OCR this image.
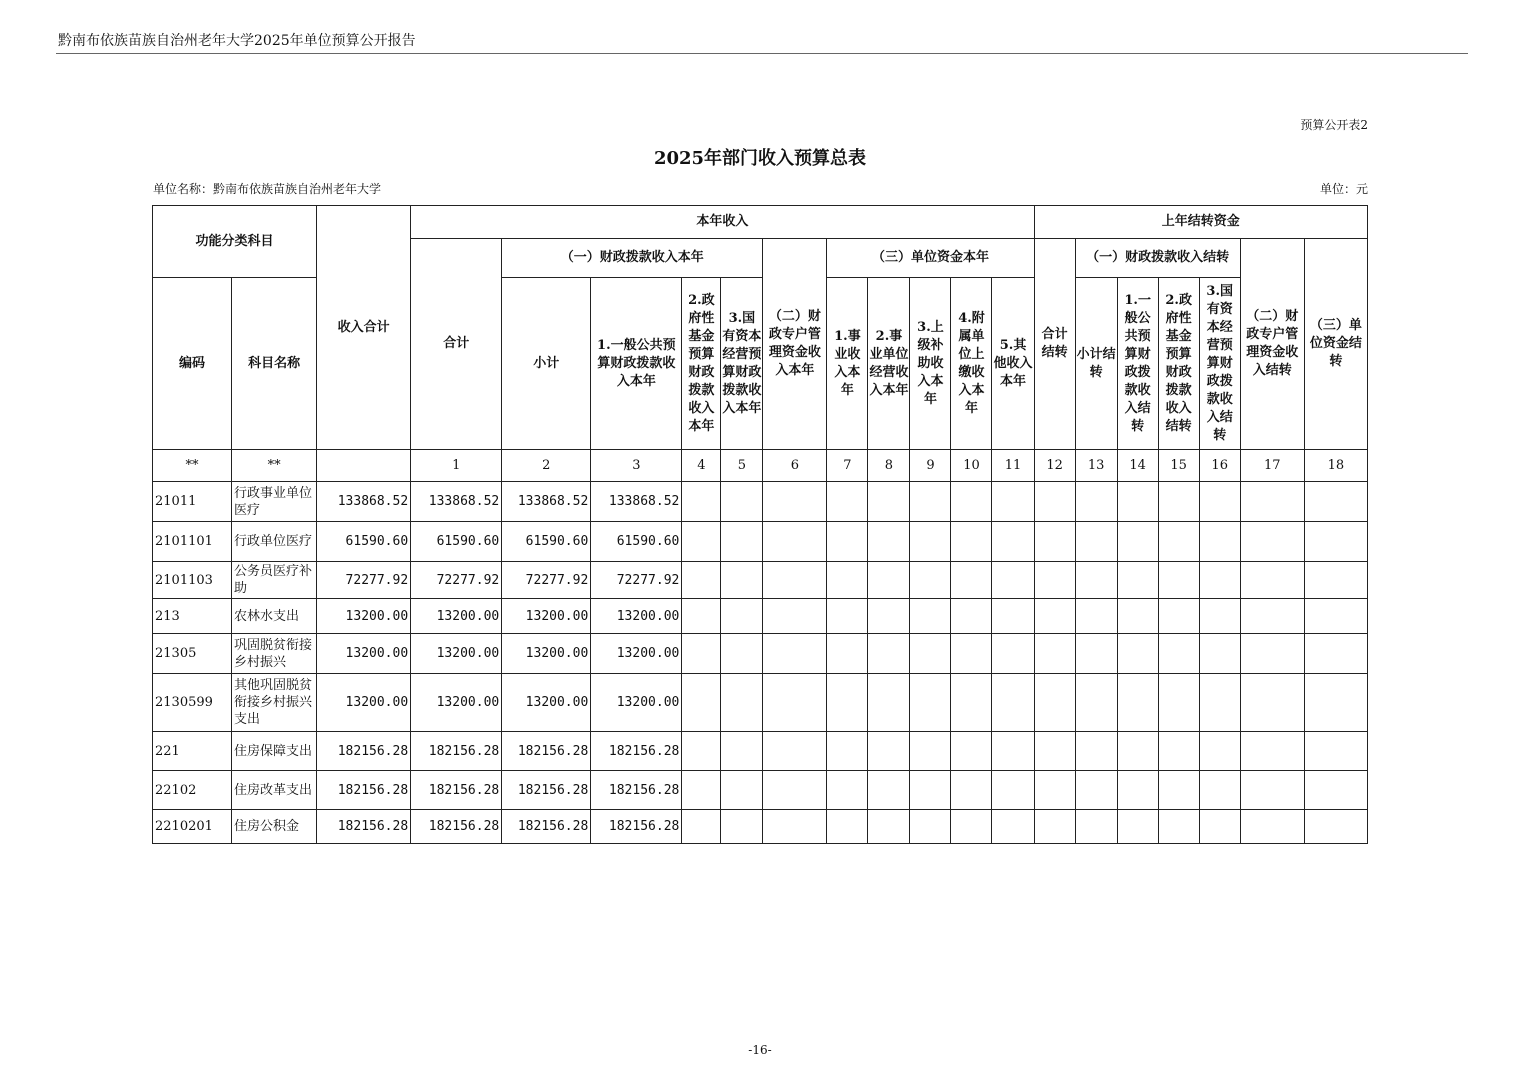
黔南布依族苗族自治州老年大学2025年单位预算公开报告
预算公开表2
2025年部门收入预算总表
单位名称：黔南布依族苗族自治州老年大学	单位：元
功能分类科目		收入合计	本年收入											上年结转资金						
			合计	（一）财政拨款收入本年				（二）财政专户管理资金收入本年	（三）单位资金本年					合计结转	（一）财政拨款收入结转				（二）财政专户管理资金收入结转	（三）单位资金结转
编码	科目名称			小计	1.一般公共预算财政拨款收入本年	2.政府性基金预算财政拨款收入本年	3.国有资本经营预算财政拨款收入本年		1.事业收入本年	2.事业单位经营收入本年	3.上级补助收入本年	4.附属单位上缴收入本年	5.其他收入本年		小计结转	1.一般公共预算财政拨款收入结转	2.政府性基金预算财政拨款收入结转	3.国有资本经营预算财政拨款收入结转		
**	**		1	2	3	4	5	6	7	8	9	10	11	12	13	14	15	16	17	18
21011	行政事业单位医疗	133868.52	133868.52	133868.52	133868.52															
2101101	行政单位医疗	61590.60	61590.60	61590.60	61590.60															
2101103	公务员医疗补助	72277.92	72277.92	72277.92	72277.92															
213	农林水支出	13200.00	13200.00	13200.00	13200.00															
21305	巩固脱贫衔接乡村振兴	13200.00	13200.00	13200.00	13200.00															
2130599	其他巩固脱贫衔接乡村振兴支出	13200.00	13200.00	13200.00	13200.00															
221	住房保障支出	182156.28	182156.28	182156.28	182156.28															
22102	住房改革支出	182156.28	182156.28	182156.28	182156.28															
2210201	住房公积金	182156.28	182156.28	182156.28	182156.28															
-16-
